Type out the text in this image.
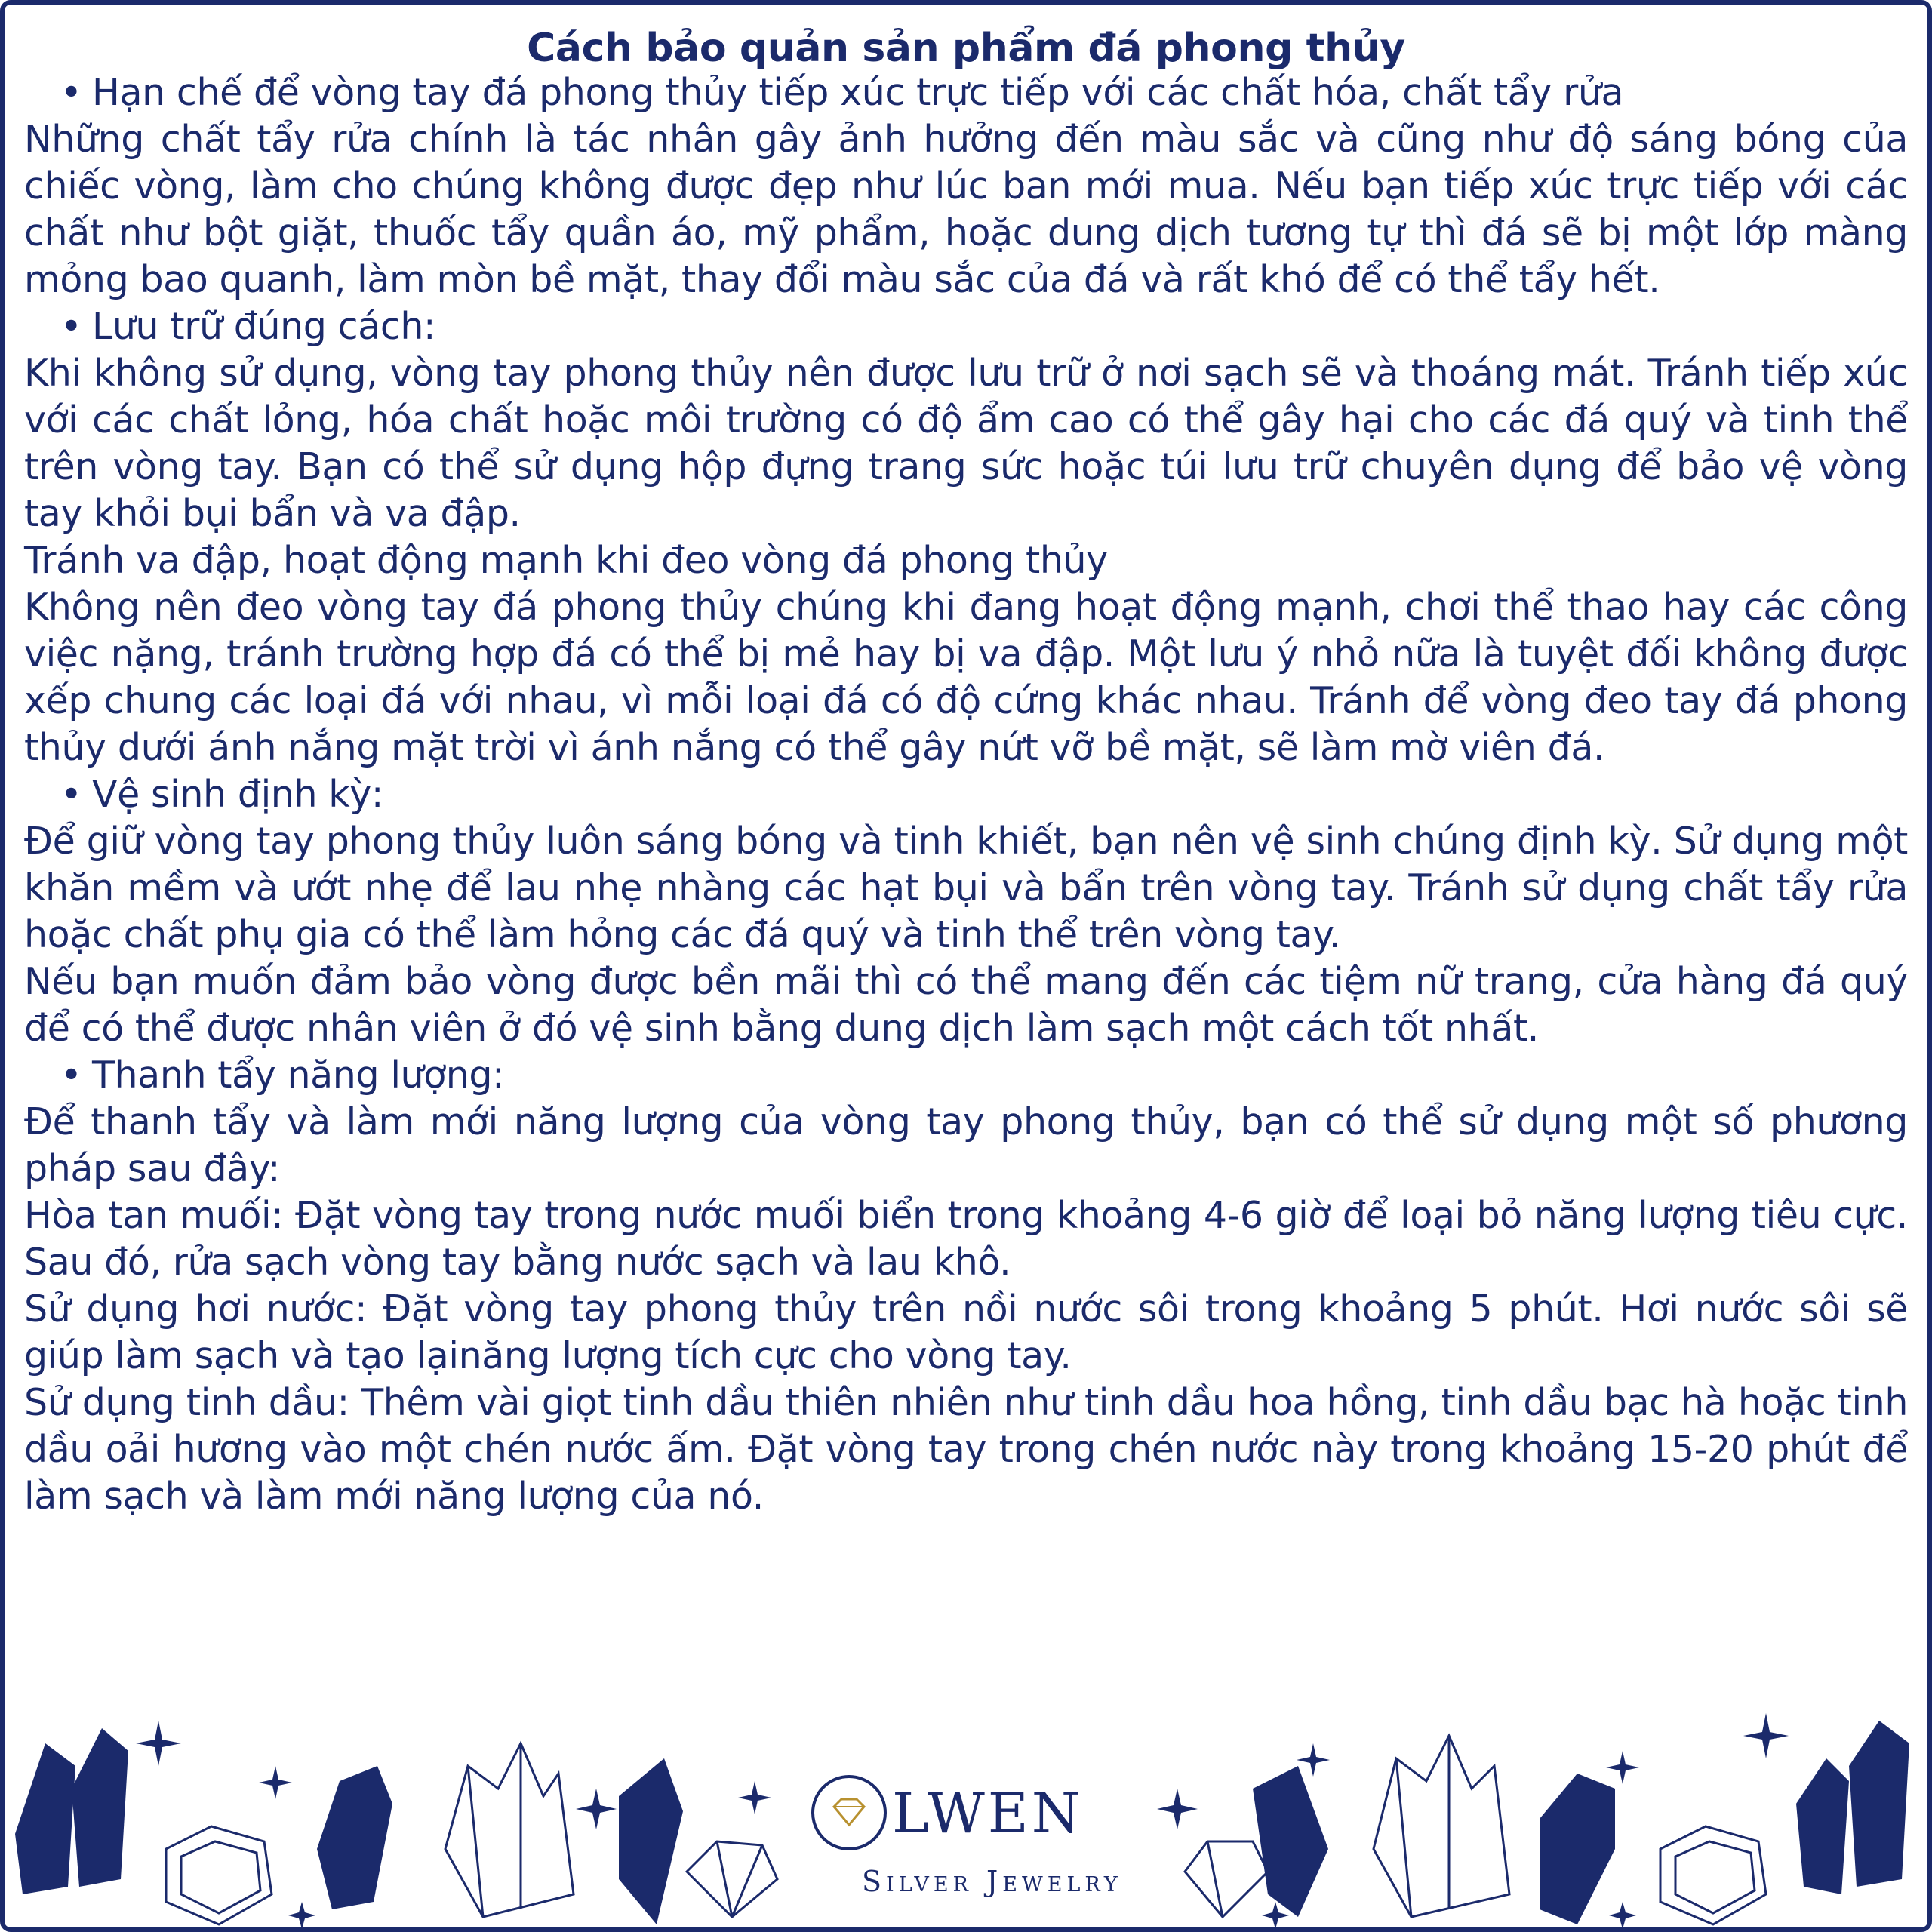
Cách bảo quản sản phẩm đá phong thủy
• Hạn chế để vòng tay đá phong thủy tiếp xúc trực tiếp với các chất hóa, chất tẩy rửa
Những chất tẩy rửa chính là tác nhân gây ảnh hưởng đến màu sắc và cũng như độ sáng bóng của chiếc vòng, làm cho chúng không được đẹp như lúc ban mới mua. Nếu bạn tiếp xúc trực tiếp với các chất như bột giặt, thuốc tẩy quần áo, mỹ phẩm, hoặc dung dịch tương tự thì đá sẽ bị một lớp màng mỏng bao quanh, làm mòn bề mặt, thay đổi màu sắc của đá và rất khó để có thể tẩy hết.
• Lưu trữ đúng cách:
Khi không sử dụng, vòng tay phong thủy nên được lưu trữ ở nơi sạch sẽ và thoáng mát. Tránh tiếp xúc với các chất lỏng, hóa chất hoặc môi trường có độ ẩm cao có thể gây hại cho các đá quý và tinh thể trên vòng tay. Bạn có thể sử dụng hộp đựng trang sức hoặc túi lưu trữ chuyên dụng để bảo vệ vòng tay khỏi bụi bẩn và va đập.
Tránh va đập, hoạt động mạnh khi đeo vòng đá phong thủy
Không nên đeo vòng tay đá phong thủy chúng khi đang hoạt động mạnh, chơi thể thao hay các công việc nặng, tránh trường hợp đá có thể bị mẻ hay bị va đập. Một lưu ý nhỏ nữa là tuyệt đối không được xếp chung các loại đá với nhau, vì mỗi loại đá có độ cứng khác nhau. Tránh để vòng đeo tay đá phong thủy dưới ánh nắng mặt trời vì ánh nắng có thể gây nứt vỡ bề mặt, sẽ làm mờ viên đá.
• Vệ sinh định kỳ:
Để giữ vòng tay phong thủy luôn sáng bóng và tinh khiết, bạn nên vệ sinh chúng định kỳ. Sử dụng một khăn mềm và ướt nhẹ để lau nhẹ nhàng các hạt bụi và bẩn trên vòng tay. Tránh sử dụng chất tẩy rửa hoặc chất phụ gia có thể làm hỏng các đá quý và tinh thể trên vòng tay.
Nếu bạn muốn đảm bảo vòng được bền mãi thì có thể mang đến các tiệm nữ trang, cửa hàng đá quý để có thể được nhân viên ở đó vệ sinh bằng dung dịch làm sạch một cách tốt nhất.
• Thanh tẩy năng lượng:
Để thanh tẩy và làm mới năng lượng của vòng tay phong thủy, bạn có thể sử dụng một số phương pháp sau đây:
Hòa tan muối: Đặt vòng tay trong nước muối biển trong khoảng 4-6 giờ để loại bỏ năng lượng tiêu cực. Sau đó, rửa sạch vòng tay bằng nước sạch và lau khô.
Sử dụng hơi nước: Đặt vòng tay phong thủy trên nồi nước sôi trong khoảng 5 phút. Hơi nước sôi sẽ giúp làm sạch và tạo lạinăng lượng tích cực cho vòng tay.
Sử dụng tinh dầu: Thêm vài giọt tinh dầu thiên nhiên như tinh dầu hoa hồng, tinh dầu bạc hà hoặc tinh dầu oải hương vào một chén nước ấm. Đặt vòng tay trong chén nước này trong khoảng 15-20 phút để làm sạch và làm mới năng lượng của nó.
LWEN
Silver Jewelry
